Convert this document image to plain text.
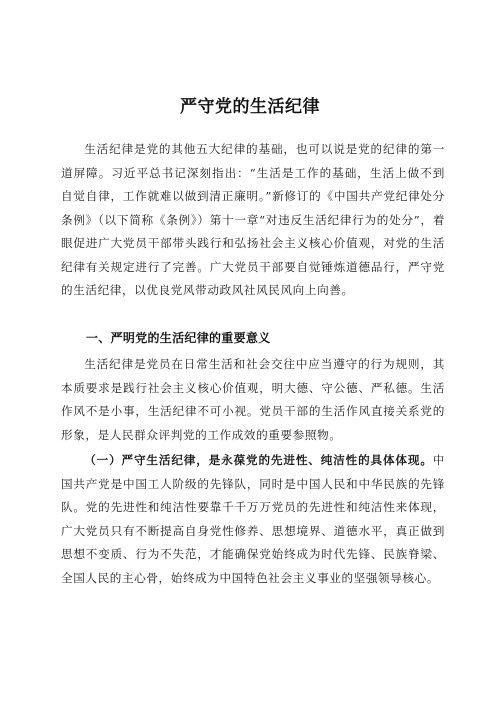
严守党的生活纪律

生活纪律是党的其他五大纪律的基础，也可以说是党的纪律的第一道屏障。习近平总书记深刻指出：“生活是工作的基础，生活上做不到自觉自律，工作就难以做到清正廉明。”新修订的《中国共产党纪律处分条例》（以下简称《条例》）第十一章“对违反生活纪律行为的处分”，着眼促进广大党员干部带头践行和弘扬社会主义核心价值观，对党的生活纪律有关规定进行了完善。广大党员干部要自觉锤炼道德品行，严守党的生活纪律，以优良党风带动政风社风民风向上向善。

一、严明党的生活纪律的重要意义

生活纪律是党员在日常生活和社会交往中应当遵守的行为规则，其本质要求是践行社会主义核心价值观，明大德、守公德、严私德。生活作风不是小事，生活纪律不可小视。党员干部的生活作风直接关系党的形象，是人民群众评判党的工作成效的重要参照物。

（一）严守生活纪律，是永葆党的先进性、纯洁性的具体体现。中国共产党是中国工人阶级的先锋队，同时是中国人民和中华民族的先锋队。党的先进性和纯洁性要靠千千万万党员的先进性和纯洁性来体现，广大党员只有不断提高自身党性修养、思想境界、道德水平，真正做到思想不变质、行为不失范，才能确保党始终成为时代先锋、民族脊梁、全国人民的主心骨，始终成为中国特色社会主义事业的坚强领导核心。
